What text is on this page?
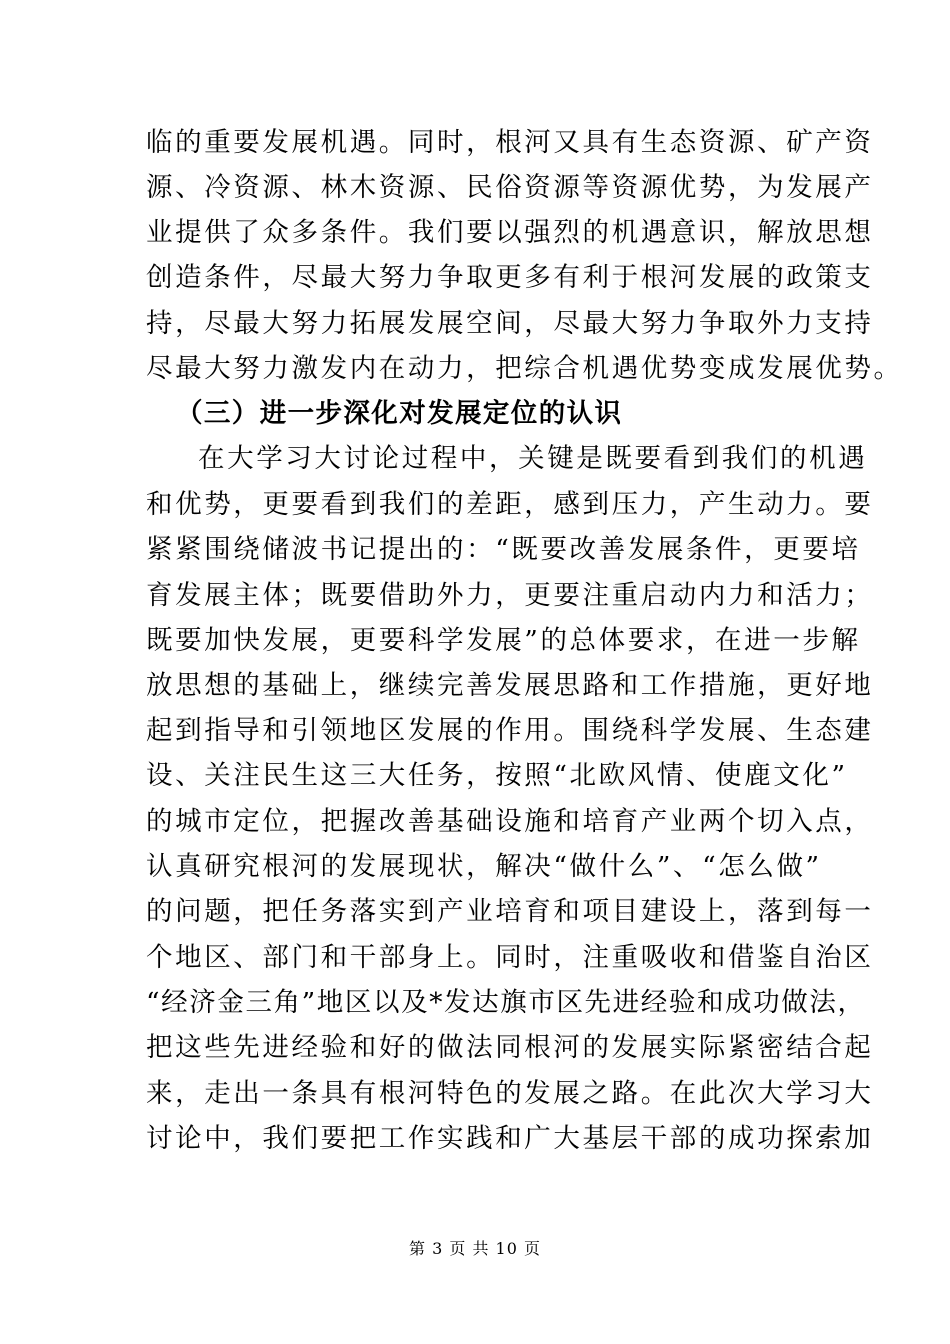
临的重要发展机遇。同时，根河又具有生态资源、矿产资
源、冷资源、林木资源、民俗资源等资源优势，为发展产
业提供了众多条件。我们要以强烈的机遇意识，解放思想
创造条件，尽最大努力争取更多有利于根河发展的政策支
持，尽最大努力拓展发展空间，尽最大努力争取外力支持
尽最大努力激发内在动力，把综合机遇优势变成发展优势。
（三）进一步深化对发展定位的认识
在大学习大讨论过程中，关键是既要看到我们的机遇
和优势，更要看到我们的差距，感到压力，产生动力。要
紧紧围绕储波书记提出的：“既要改善发展条件，更要培
育发展主体；既要借助外力，更要注重启动内力和活力；
既要加快发展，更要科学发展”的总体要求，在进一步解
放思想的基础上，继续完善发展思路和工作措施，更好地
起到指导和引领地区发展的作用。围绕科学发展、生态建
设、关注民生这三大任务，按照“北欧风情、使鹿文化”
的城市定位，把握改善基础设施和培育产业两个切入点，
认真研究根河的发展现状，解决“做什么”、“怎么做”
的问题，把任务落实到产业培育和项目建设上，落到每一
个地区、部门和干部身上。同时，注重吸收和借鉴自治区
“经济金三角”地区以及*发达旗市区先进经验和成功做法，
把这些先进经验和好的做法同根河的发展实际紧密结合起
来，走出一条具有根河特色的发展之路。在此次大学习大
讨论中，我们要把工作实践和广大基层干部的成功探索加
第 3 页 共 10 页
